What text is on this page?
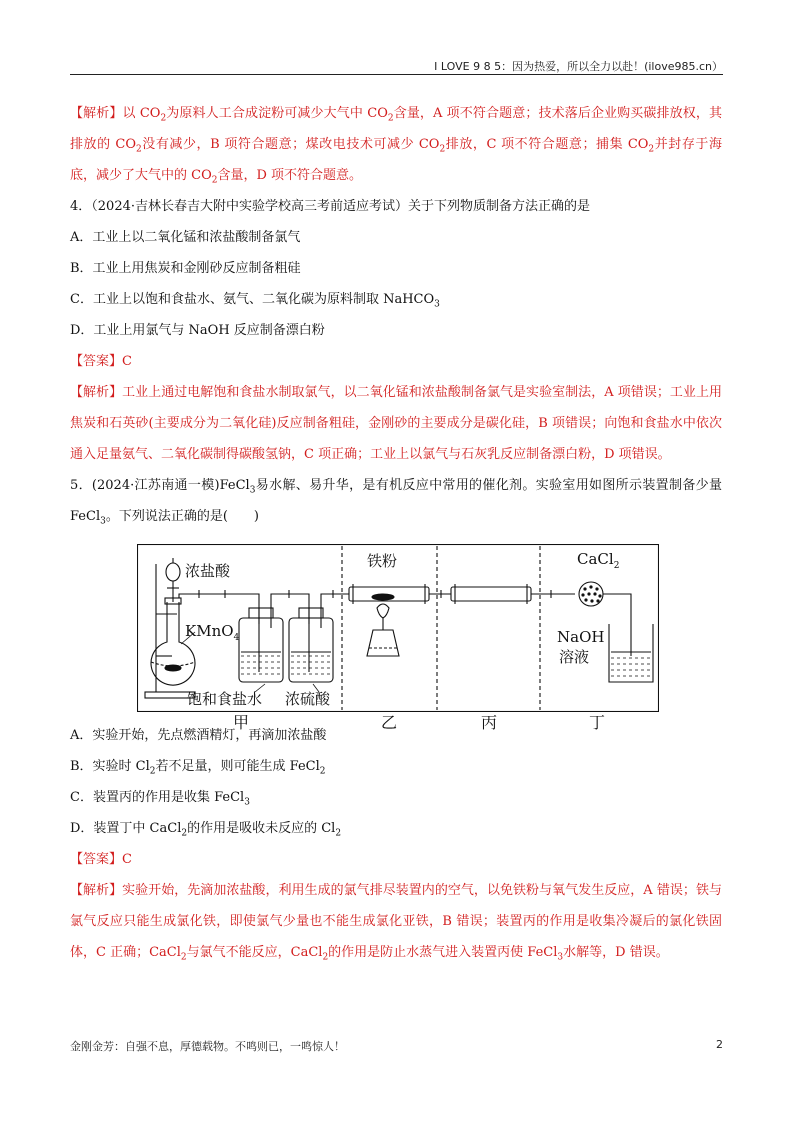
I LOVE 9 8 5：因为热爱，所以全力以赴！(ilove985.cn）

【解析】以 $CO_2$为原料人工合成淀粉可减少大气中 $CO_2$含量，A 项不符合题意；技术落后企业购买碳排放权，其排放的 $CO_2$没有减少，B 项符合题意；煤改电技术可减少 $CO_2$排放，C 项不符合题意；捕集 $CO_2$并封存于海底，减少了大气中的 $CO_2$含量，D 项不符合题意。

4．（2024·吉林长春吉大附中实验学校高三考前适应考试）关于下列物质制备方法正确的是

A．工业上以二氧化锰和浓盐酸制备氯气

B．工业上用焦炭和金刚砂反应制备粗硅

C．工业上以饱和食盐水、氨气、二氧化碳为原料制取 NaHCO$_3$

D．工业上用氯气与 NaOH 反应制备漂白粉

【答案】C

【解析】工业上通过电解饱和食盐水制取氯气，以二氧化锰和浓盐酸制备氯气是实验室制法，A 项错误；工业上用焦炭和石英砂(主要成分为二氧化硅)反应制备粗硅，金刚砂的主要成分是碳化硅，B 项错误；向饱和食盐水中依次通入足量氨气、二氧化碳制得碳酸氢钠，C 项正确；工业上以氯气与石灰乳反应制备漂白粉，D 项错误。

5．(2024·江苏南通一模)FeCl$_3$易水解、易升华，是有机反应中常用的催化剂。实验室用如图所示装置制备少量 FeCl$_3$。下列说法正确的是(　　)

浓盐酸
KMnO$_4$
铁粉	CaCl$_2$
NaOH
溶液
饱和食盐水 浓硫酸
甲	乙	丙	丁

A．实验开始，先点燃酒精灯，再滴加浓盐酸

B．实验时 $Cl_2$若不足量，则可能生成 FeCl$_2$

C．装置丙的作用是收集 FeCl$_3$

D．装置丁中 CaCl$_2$的作用是吸收未反应的 $Cl_2$

【答案】C

【解析】实验开始，先滴加浓盐酸，利用生成的氯气排尽装置内的空气，以免铁粉与氧气发生反应，A 错误；铁与氯气反应只能生成氯化铁，即使氯气少量也不能生成氯化亚铁，B 错误；装置丙的作用是收集冷凝后的氯化铁固体，C 正确；CaCl$_2$与氯气不能反应，CaCl$_2$的作用是防止水蒸气进入装置丙使 FeCl$_3$水解等，D 错误。

金刚金芳：自强不息，厚德载物。不鸣则已，一鸣惊人！	2
